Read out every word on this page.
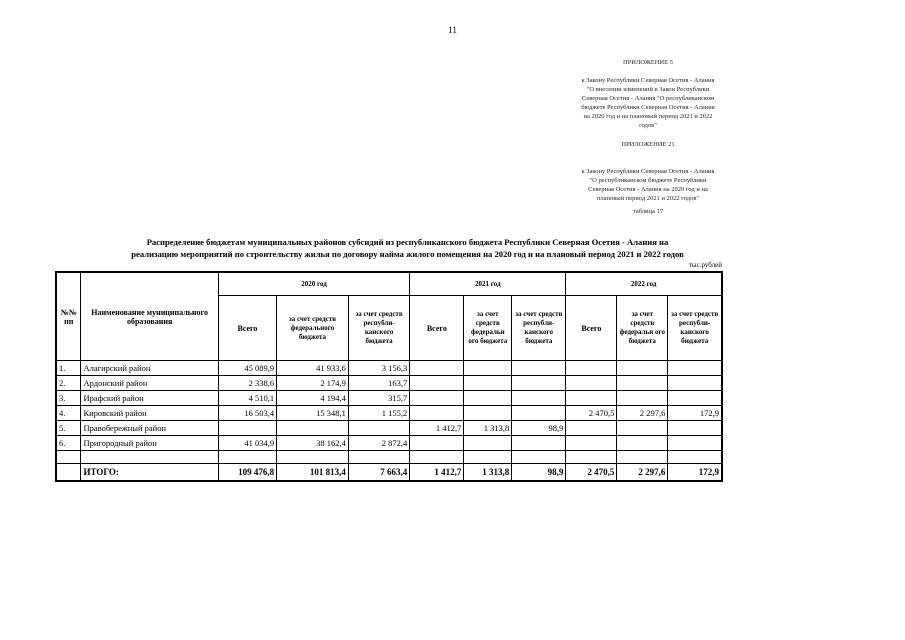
11
ПРИЛОЖЕНИЕ 5
к Закону Республики Северная Осетия - Алания
"О внесении изменений в Закон Республики
Северная Осетия - Алания "О республиканском
бюджете Республики Северная Осетия - Алания
на 2020 год и на плановый период 2021 и 2022
годов"
ПРИЛОЖЕНИЕ 21
к Закону Республики Северная Осетия - Алания
"О республиканском бюджете Республики
Северная Осетия - Алания на 2020 год и на
плановый период 2021 и 2022 годов"
таблица 17
Распределение бюджетам муниципальных районов субсидий из республиканского бюджета Республики Северная Осетия - Алания на
реализацию мероприятий по строительству жилья по договору найма жилого помещения на 2020 год и на плановый период 2021 и 2022 годов
тыс.рублей
№№ пп	Наименование муниципального образования	2020 год			2021 год			2022 год		
		Всего	за счет средств федерального бюджета	за счет средств республи-канского бюджета	Всего	за счет средств федеральн ого бюджета	за счет средств республи-канского бюджета	Всего	за счет средств федеральн ого бюджета	за счет средств республи-канского бюджета
1.	Алагирский район	45 089,9	41 933,6	3 156,3						
2.	Ардонский район	2 338,6	2 174,9	163,7						
3.	Ирафский район	4 510,1	4 194,4	315,7						
4.	Кировский район	16 503,4	15 348,1	1 155,2				2 470,5	2 297,6	172,9
5.	Правобережный район				1 412,7	1 313,8	98,9			
6.	Пригородный район	41 034,9	38 162,4	2 872,4						

	ИТОГО:	109 476,8	101 813,4	7 663,4	1 412,7	1 313,8	98,9	2 470,5	2 297,6	172,9
